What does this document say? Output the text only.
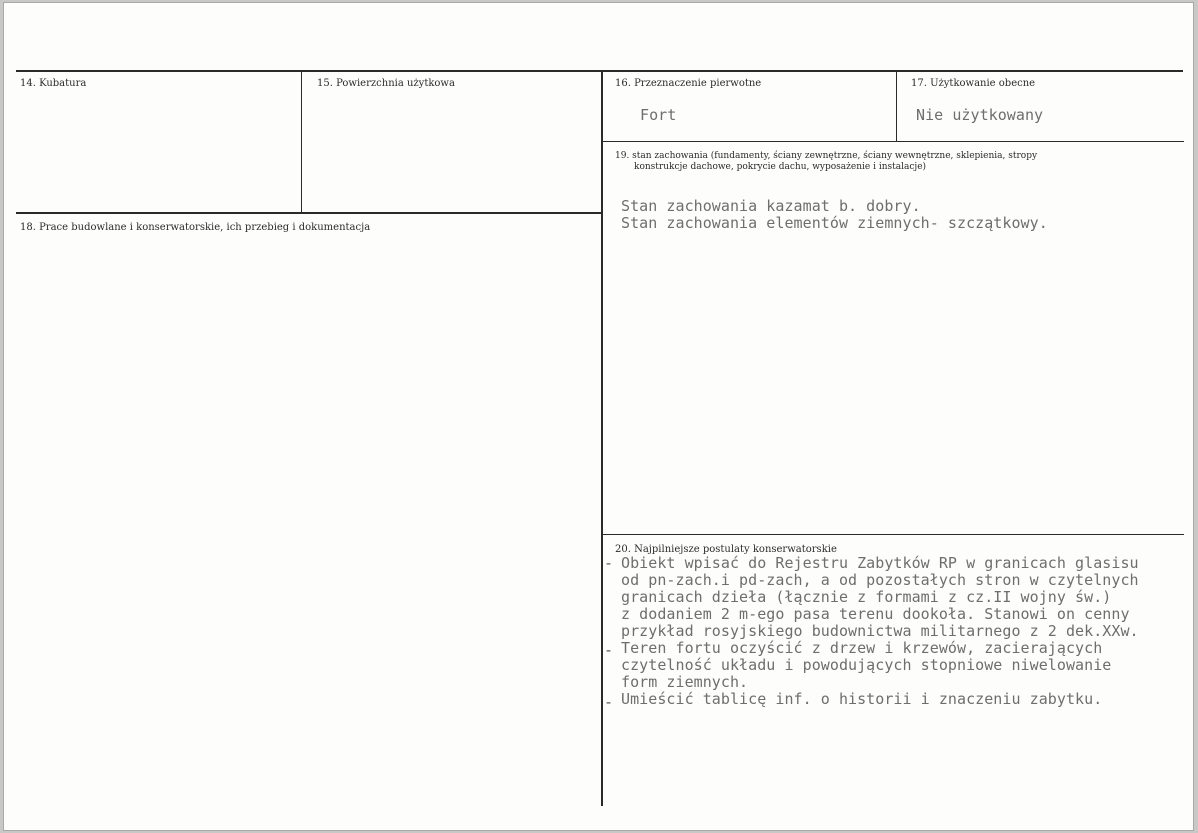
14. Kubatura	15. Powierzchnia użytkowa	16. Przeznaczenie pierwotne
Fort
17. Użytkowanie obecne
Nie użytkowany
18. Prace budowlane i konserwatorskie, ich przebieg i dokumentacja
19. stan zachowania (fundamenty, ściany zewnętrzne, ściany wewnętrzne, sklepienia, stropy
konstrukcje dachowe, pokrycie dachu, wyposażenie i instalacje)
Stan zachowania kazamat b. dobry.
Stan zachowania elementów ziemnych- szczątkowy.
20. Najpilniejsze postulaty konserwatorskie
-
-
-
Obiekt wpisać do Rejestru Zabytków RP w granicach glasisu
od pn-zach.i pd-zach, a od pozostałych stron w czytelnych
granicach dzieła (łącznie z formami z cz.II wojny św.)
z dodaniem 2 m-ego pasa terenu dookoła. Stanowi on cenny
przykład rosyjskiego budownictwa militarnego z 2 dek.XXw.
Teren fortu oczyścić z drzew i krzewów, zacierających
czytelność układu i powodujących stopniowe niwelowanie
form ziemnych.
Umieścić tablicę inf. o historii i znaczeniu zabytku.
